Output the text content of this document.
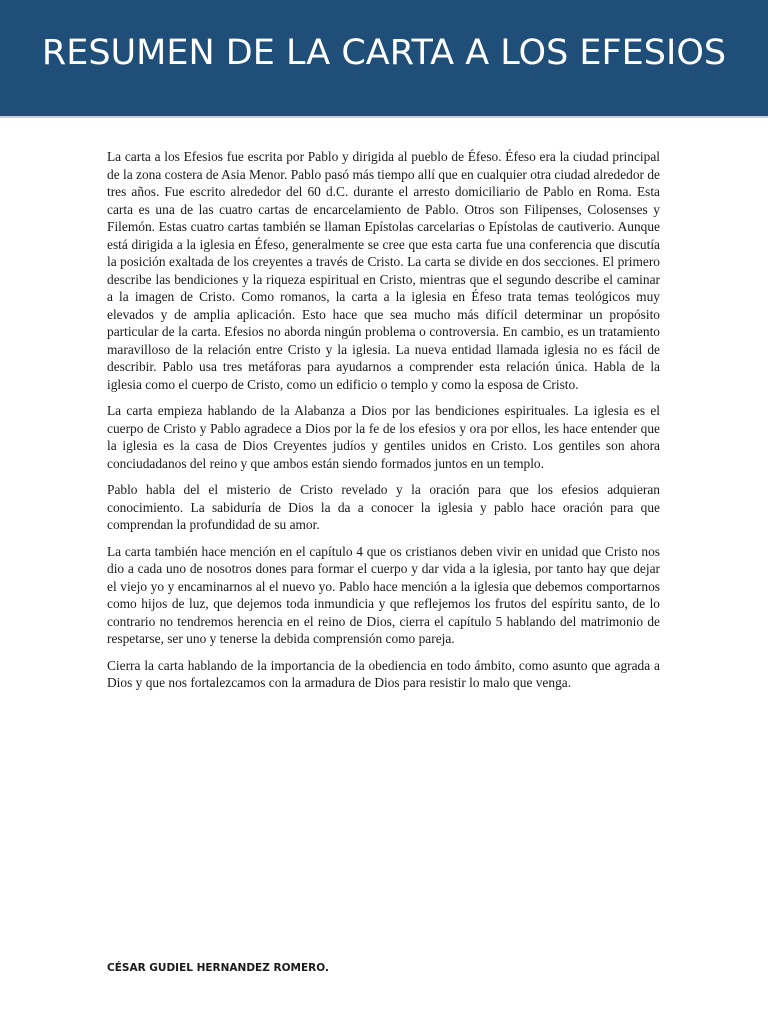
RESUMEN DE LA CARTA A LOS EFESIOS

La carta a los Efesios fue escrita por Pablo y dirigida al pueblo de Éfeso. Éfeso era la ciudad principal de la zona costera de Asia Menor. Pablo pasó más tiempo allí que en cualquier otra ciudad alrededor de tres años. Fue escrito alrededor del 60 d.C. durante el arresto domiciliario de Pablo en Roma. Esta carta es una de las cuatro cartas de encarcelamiento de Pablo. Otros son Filipenses, Colosenses y Filemón. Estas cuatro cartas también se llaman Epístolas carcelarias o Epístolas de cautiverio. Aunque está dirigida a la iglesia en Éfeso, generalmente se cree que esta carta fue una conferencia que discutía la posición exaltada de los creyentes a través de Cristo. La carta se divide en dos secciones. El primero describe las bendiciones y la riqueza espiritual en Cristo, mientras que el segundo describe el caminar a la imagen de Cristo. Como romanos, la carta a la iglesia en Éfeso trata temas teológicos muy elevados y de amplia aplicación. Esto hace que sea mucho más difícil determinar un propósito particular de la carta. Efesios no aborda ningún problema o controversia. En cambio, es un tratamiento maravilloso de la relación entre Cristo y la iglesia. La nueva entidad llamada iglesia no es fácil de describir. Pablo usa tres metáforas para ayudarnos a comprender esta relación única. Habla de la iglesia como el cuerpo de Cristo, como un edificio o templo y como la esposa de Cristo.

La carta empieza hablando de la Alabanza a Dios por las bendiciones espirituales. La iglesia es el cuerpo de Cristo y Pablo agradece a Dios por la fe de los efesios y ora por ellos, les hace entender que la iglesia es la casa de Dios Creyentes judíos y gentiles unidos en Cristo. Los gentiles son ahora conciudadanos del reino y que ambos están siendo formados juntos en un templo.

Pablo habla del el misterio de Cristo revelado y la oración para que los efesios adquieran conocimiento. La sabiduría de Dios la da a conocer la iglesia y pablo hace oración para que comprendan la profundidad de su amor.

La carta también hace mención en el capítulo 4 que os cristianos deben vivir en unidad que Cristo nos dio a cada uno de nosotros dones para formar el cuerpo y dar vida a la iglesia, por tanto hay que dejar el viejo yo y encaminarnos al el nuevo yo. Pablo hace mención a la iglesia que debemos comportarnos como hijos de luz, que dejemos toda inmundicia y que reflejemos los frutos del espíritu santo, de lo contrario no tendremos herencia en el reino de Dios, cierra el capítulo 5 hablando del matrimonio de respetarse, ser uno y tenerse la debida comprensión como pareja.

Cierra la carta hablando de la importancia de la obediencia en todo ámbito, como asunto que agrada a Dios y que nos fortalezcamos con la armadura de Dios para resistir lo malo que venga.

CÉSAR GUDIEL HERNANDEZ ROMERO.
